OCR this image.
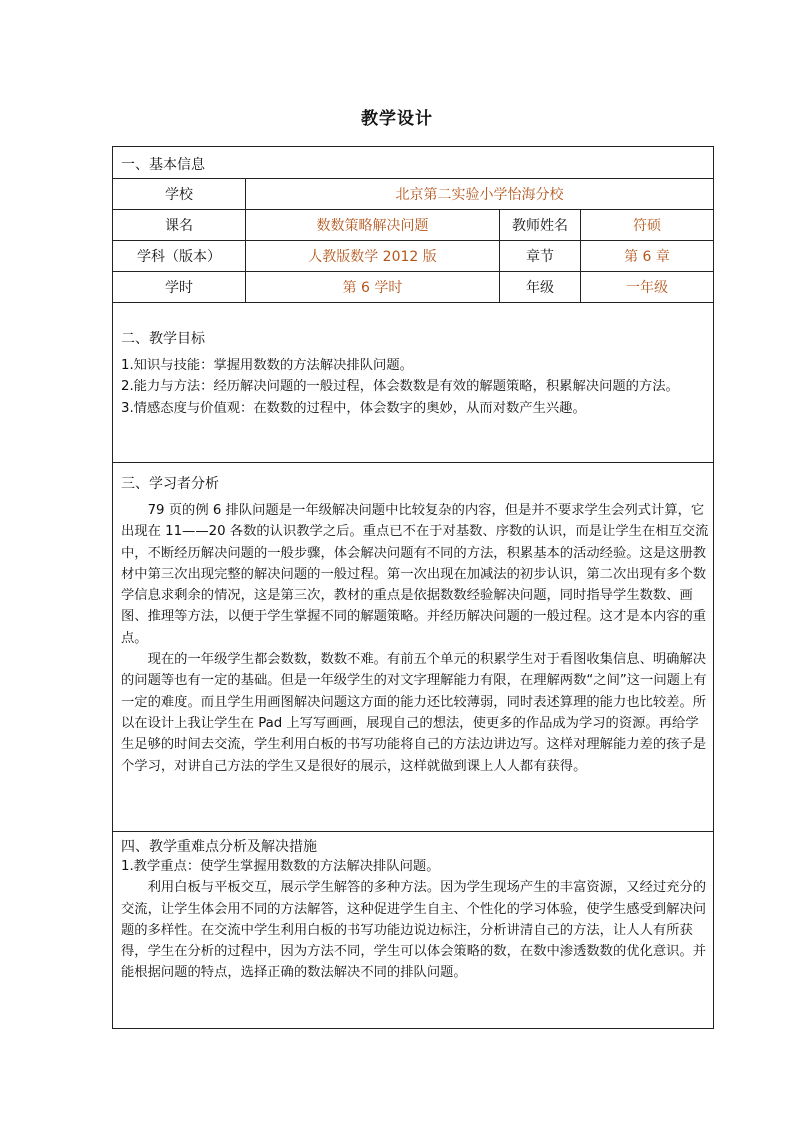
教学设计
一、基本信息
学校	北京第二实验小学怡海分校
课名	数数策略解决问题	教师姓名	符硕
学科（版本）	人教版数学 2012 版	章节	第 6 章
学时	第 6 学时	年级	一年级
二、教学目标
1.知识与技能：掌握用数数的方法解决排队问题。
2.能力与方法：经历解决问题的一般过程，体会数数是有效的解题策略，积累解决问题的方法。
3.情感态度与价值观：在数数的过程中，体会数字的奥妙，从而对数产生兴趣。
三、学习者分析

79 页的例 6 排队问题是一年级解决问题中比较复杂的内容，但是并不要求学生会列式计算，它出现在 11——20 各数的认识教学之后。重点已不在于对基数、序数的认识，而是让学生在相互交流中，不断经历解决问题的一般步骤，体会解决问题有不同的方法，积累基本的活动经验。这是这册教材中第三次出现完整的解决问题的一般过程。第一次出现在加减法的初步认识，第二次出现有多个数学信息求剩余的情况，这是第三次，教材的重点是依据数数经验解决问题，同时指导学生数数、画图、推理等方法，以便于学生掌握不同的解题策略。并经历解决问题的一般过程。这才是本内容的重点。

现在的一年级学生都会数数，数数不难。有前五个单元的积累学生对于看图收集信息、明确解决的问题等也有一定的基础。但是一年级学生的对文字理解能力有限，在理解两数“之间”这一问题上有一定的难度。而且学生用画图解决问题这方面的能力还比较薄弱，同时表述算理的能力也比较差。所以在设计上我让学生在 Pad 上写写画画，展现自己的想法，使更多的作品成为学习的资源。再给学生足够的时间去交流，学生利用白板的书写功能将自己的方法边讲边写。这样对理解能力差的孩子是个学习，对讲自己方法的学生又是很好的展示，这样就做到课上人人都有获得。

四、教学重难点分析及解决措施
1.教学重点：使学生掌握用数数的方法解决排队问题。

利用白板与平板交互，展示学生解答的多种方法。因为学生现场产生的丰富资源，又经过充分的交流，让学生体会用不同的方法解答，这种促进学生自主、个性化的学习体验，使学生感受到解决问题的多样性。在交流中学生利用白板的书写功能边说边标注，分析讲清自己的方法，让人人有所获得，学生在分析的过程中，因为方法不同，学生可以体会策略的数，在数中渗透数数的优化意识。并能根据问题的特点，选择正确的数法解决不同的排队问题。
